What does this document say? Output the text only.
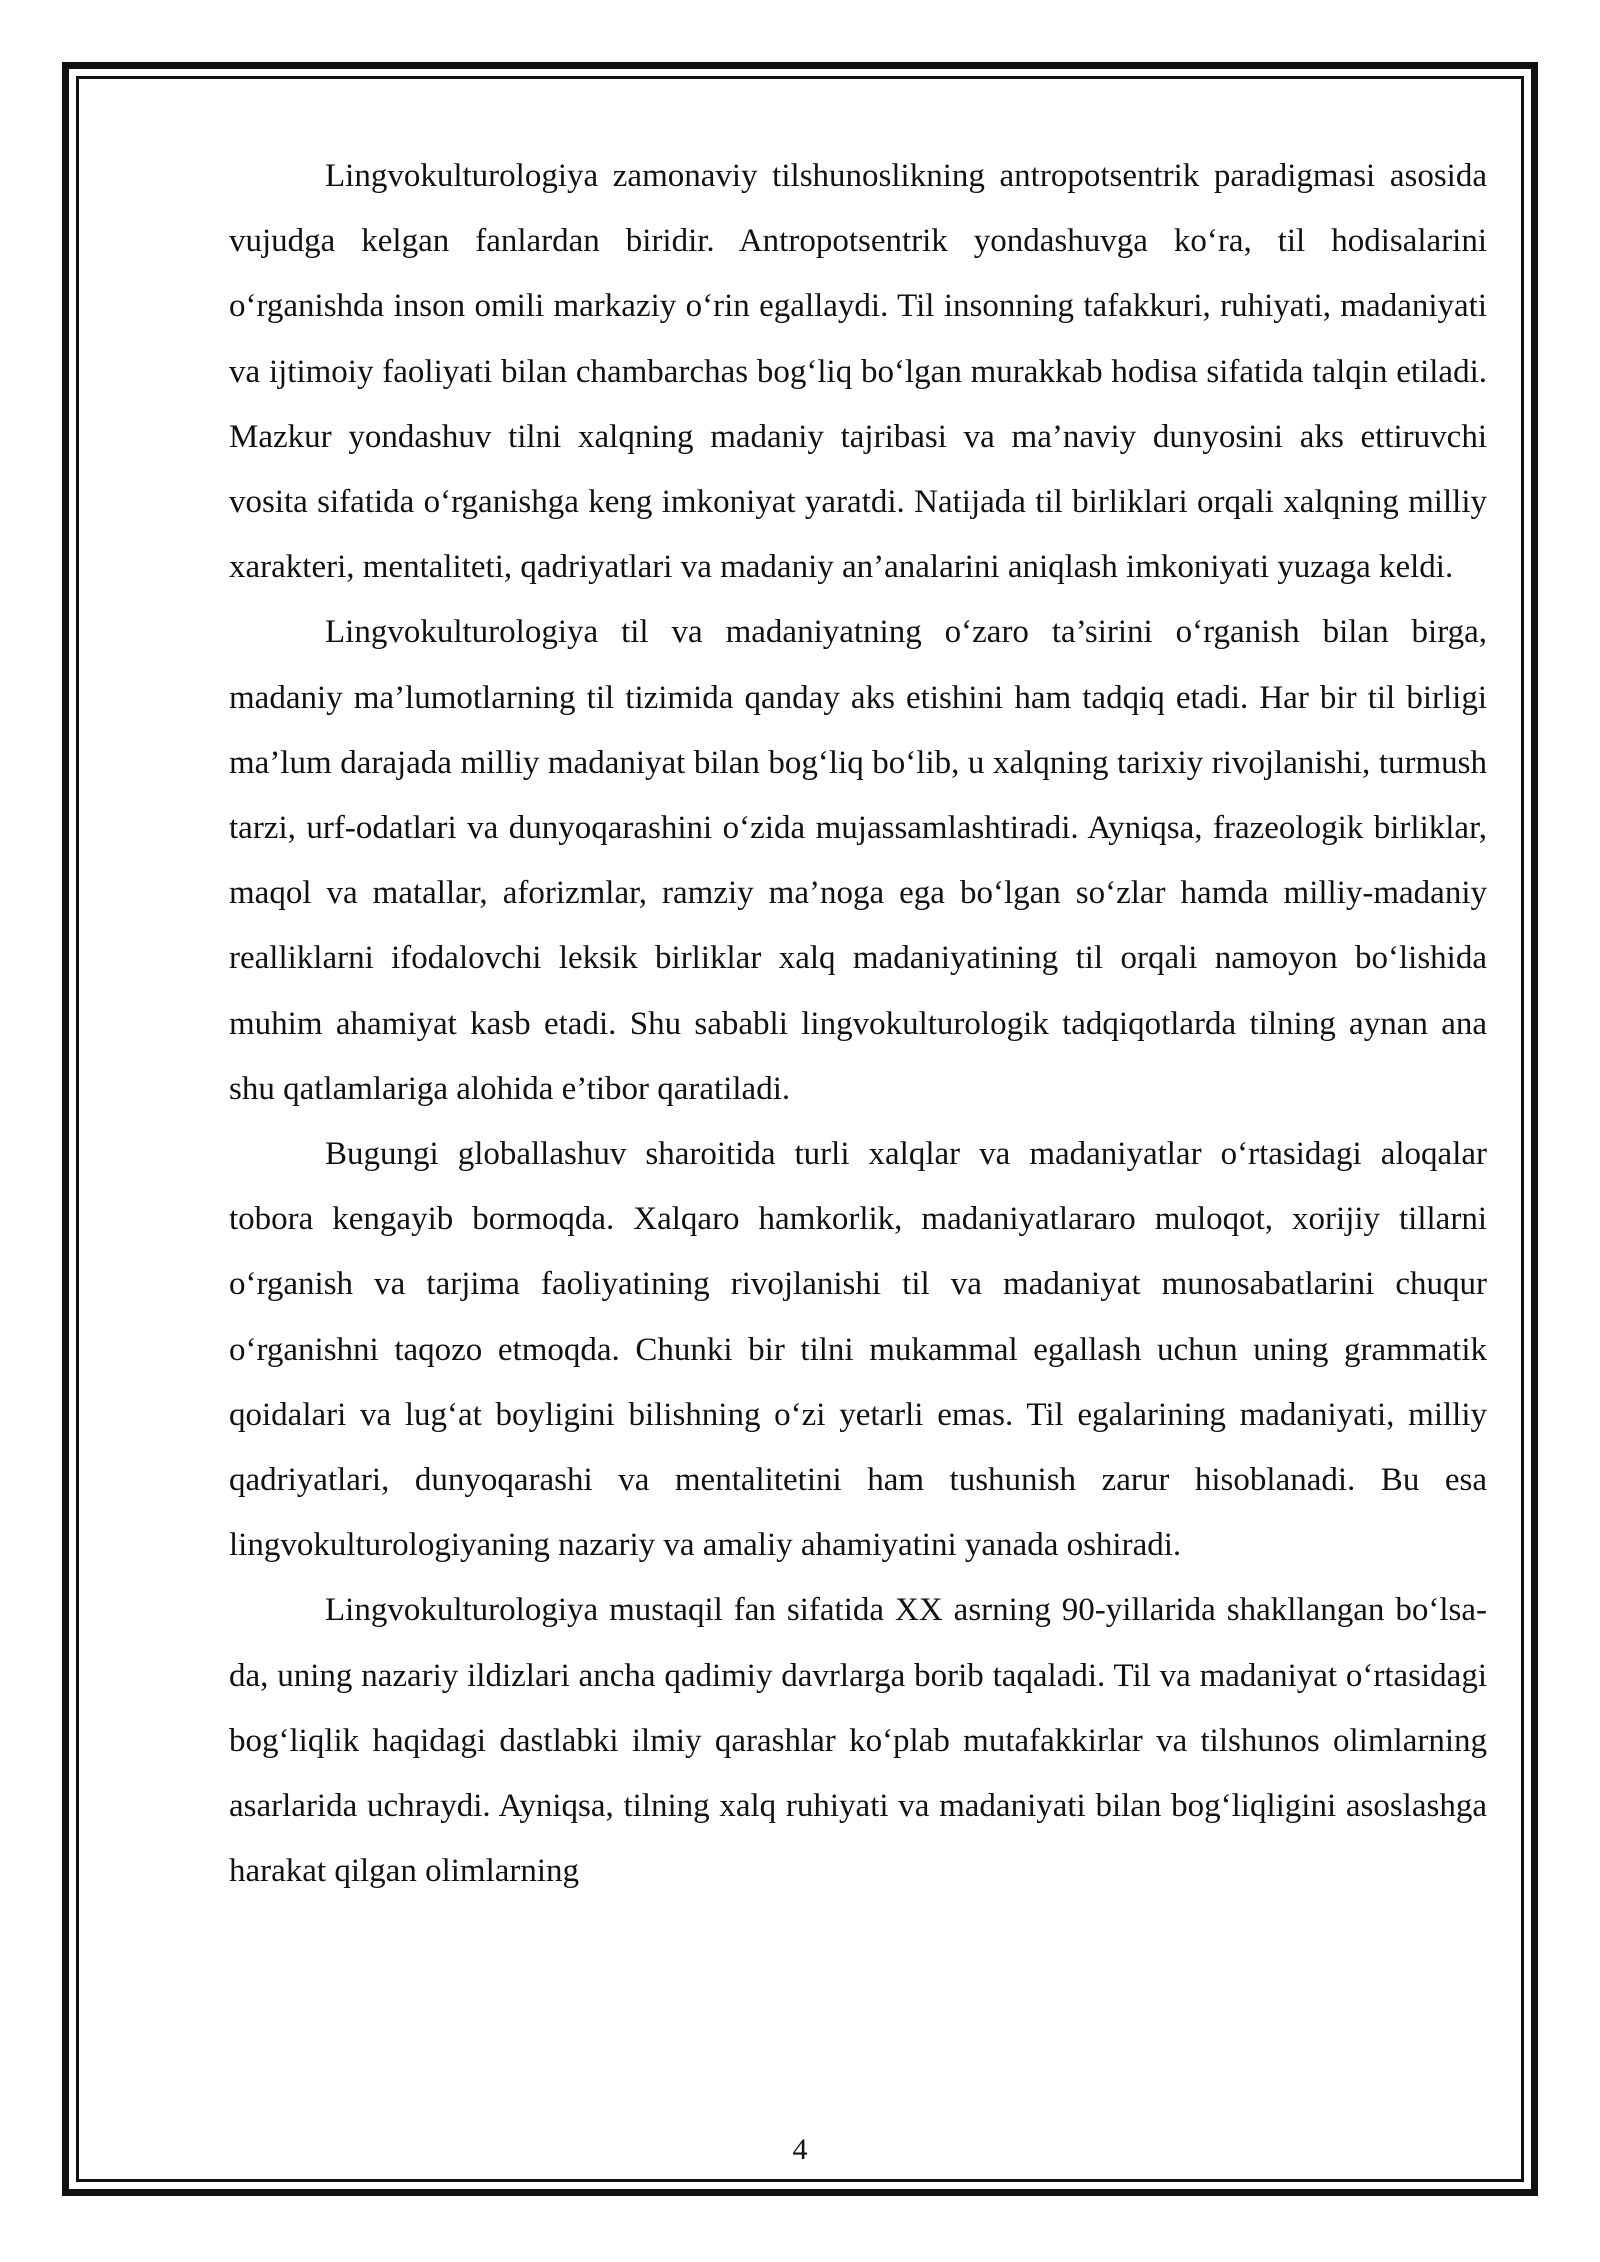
Lingvokulturologiya zamonaviy tilshunoslikning antropotsentrik paradigmasi asosida vujudga kelgan fanlardan biridir. Antropotsentrik yondashuvga ko‘ra, til hodisalarini o‘rganishda inson omili markaziy o‘rin egallaydi. Til insonning tafakkuri, ruhiyati, madaniyati va ijtimoiy faoliyati bilan chambarchas bog‘liq bo‘lgan murakkab hodisa sifatida talqin etiladi. Mazkur yondashuv tilni xalqning madaniy tajribasi va ma’naviy dunyosini aks ettiruvchi vosita sifatida o‘rganishga keng imkoniyat yaratdi. Natijada til birliklari orqali xalqning milliy xarakteri, mentaliteti, qadriyatlari va madaniy an’analarini aniqlash imkoniyati yuzaga keldi.

Lingvokulturologiya til va madaniyatning o‘zaro ta’sirini o‘rganish bilan birga, madaniy ma’lumotlarning til tizimida qanday aks etishini ham tadqiq etadi. Har bir til birligi ma’lum darajada milliy madaniyat bilan bog‘liq bo‘lib, u xalqning tarixiy rivojlanishi, turmush tarzi, urf-odatlari va dunyoqarashini o‘zida mujassamlashtiradi. Ayniqsa, frazeologik birliklar, maqol va matallar, aforizmlar, ramziy ma’noga ega bo‘lgan so‘zlar hamda milliy-madaniy realliklarni ifodalovchi leksik birliklar xalq madaniyatining til orqali namoyon bo‘lishida muhim ahamiyat kasb etadi. Shu sababli lingvokulturologik tadqiqotlarda tilning aynan ana shu qatlamlariga alohida e’tibor qaratiladi.

Bugungi globallashuv sharoitida turli xalqlar va madaniyatlar o‘rtasidagi aloqalar tobora kengayib bormoqda. Xalqaro hamkorlik, madaniyatlararo muloqot, xorijiy tillarni o‘rganish va tarjima faoliyatining rivojlanishi til va madaniyat munosabatlarini chuqur o‘rganishni taqozo etmoqda. Chunki bir tilni mukammal egallash uchun uning grammatik qoidalari va lug‘at boyligini bilishning o‘zi yetarli emas. Til egalarining madaniyati, milliy qadriyatlari, dunyoqarashi va mentalitetini ham tushunish zarur hisoblanadi. Bu esa lingvokulturologiyaning nazariy va amaliy ahamiyatini yanada oshiradi.

Lingvokulturologiya mustaqil fan sifatida XX asrning 90-yillarida shakllangan bo‘lsa-da, uning nazariy ildizlari ancha qadimiy davrlarga borib taqaladi. Til va madaniyat o‘rtasidagi bog‘liqlik haqidagi dastlabki ilmiy qarashlar ko‘plab mutafakkirlar va tilshunos olimlarning asarlarida uchraydi. Ayniqsa, tilning xalq ruhiyati va madaniyati bilan bog‘liqligini asoslashga harakat qilgan olimlarning

4
